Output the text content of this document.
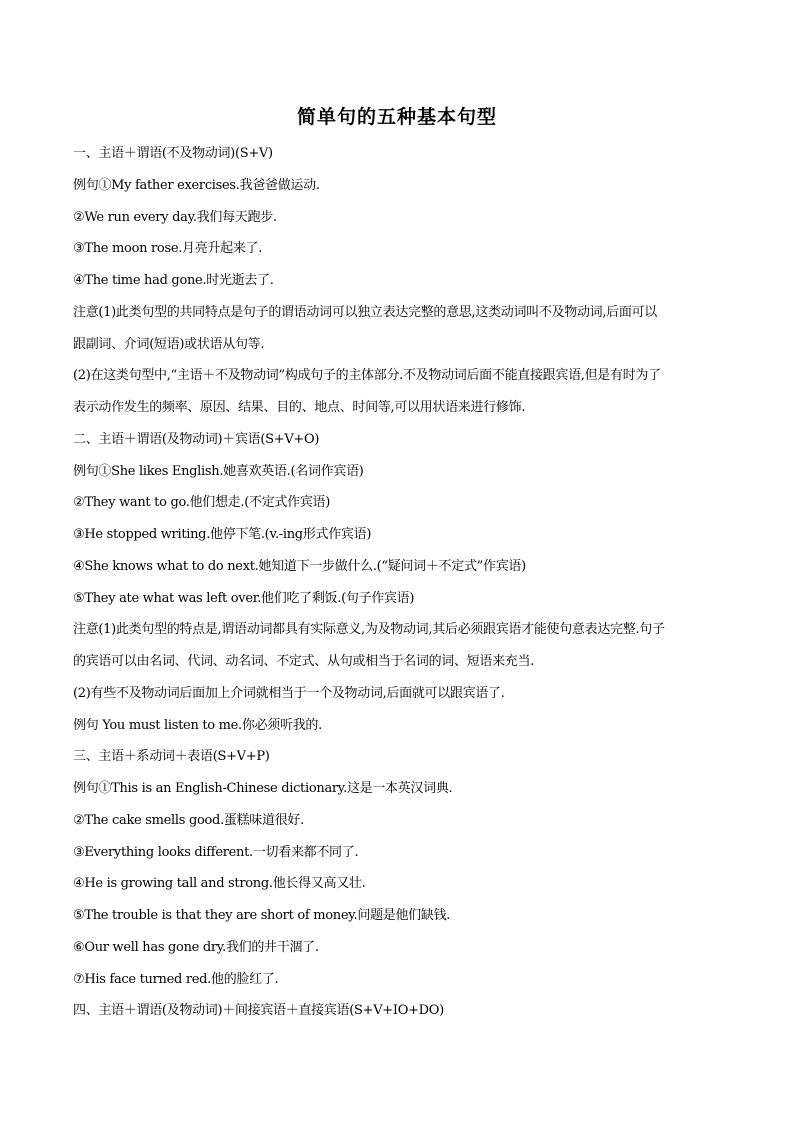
简单句的五种基本句型
一、主语＋谓语(不及物动词)(S+V)
例句①My father exercises.我爸爸做运动.
②We run every day.我们每天跑步.
③The moon rose.月亮升起来了.
④The time had gone.时光逝去了.
注意(1)此类句型的共同特点是句子的谓语动词可以独立表达完整的意思,这类动词叫不及物动词,后面可以
跟副词、介词(短语)或状语从句等.
(2)在这类句型中,“主语＋不及物动词”构成句子的主体部分.不及物动词后面不能直接跟宾语,但是有时为了
表示动作发生的频率、原因、结果、目的、地点、时间等,可以用状语来进行修饰.
二、主语＋谓语(及物动词)＋宾语(S+V+O)
例句①She likes English.她喜欢英语.(名词作宾语)
②They want to go.他们想走.(不定式作宾语)
③He stopped writing.他停下笔.(v.-ing形式作宾语)
④She knows what to do next.她知道下一步做什么.(“疑问词＋不定式”作宾语)
⑤They ate what was left over.他们吃了剩饭.(句子作宾语)
注意(1)此类句型的特点是,谓语动词都具有实际意义,为及物动词,其后必须跟宾语才能使句意表达完整.句子
的宾语可以由名词、代词、动名词、不定式、从句或相当于名词的词、短语来充当.
(2)有些不及物动词后面加上介词就相当于一个及物动词,后面就可以跟宾语了.
例句 You must listen to me.你必须听我的.
三、主语＋系动词＋表语(S+V+P)
例句①This is an English-Chinese dictionary.这是一本英汉词典.
②The cake smells good.蛋糕味道很好.
③Everything looks different.一切看来都不同了.
④He is growing tall and strong.他长得又高又壮.
⑤The trouble is that they are short of money.问题是他们缺钱.
⑥Our well has gone dry.我们的井干涸了.
⑦His face turned red.他的脸红了.
四、主语＋谓语(及物动词)＋间接宾语＋直接宾语(S+V+IO+DO)
